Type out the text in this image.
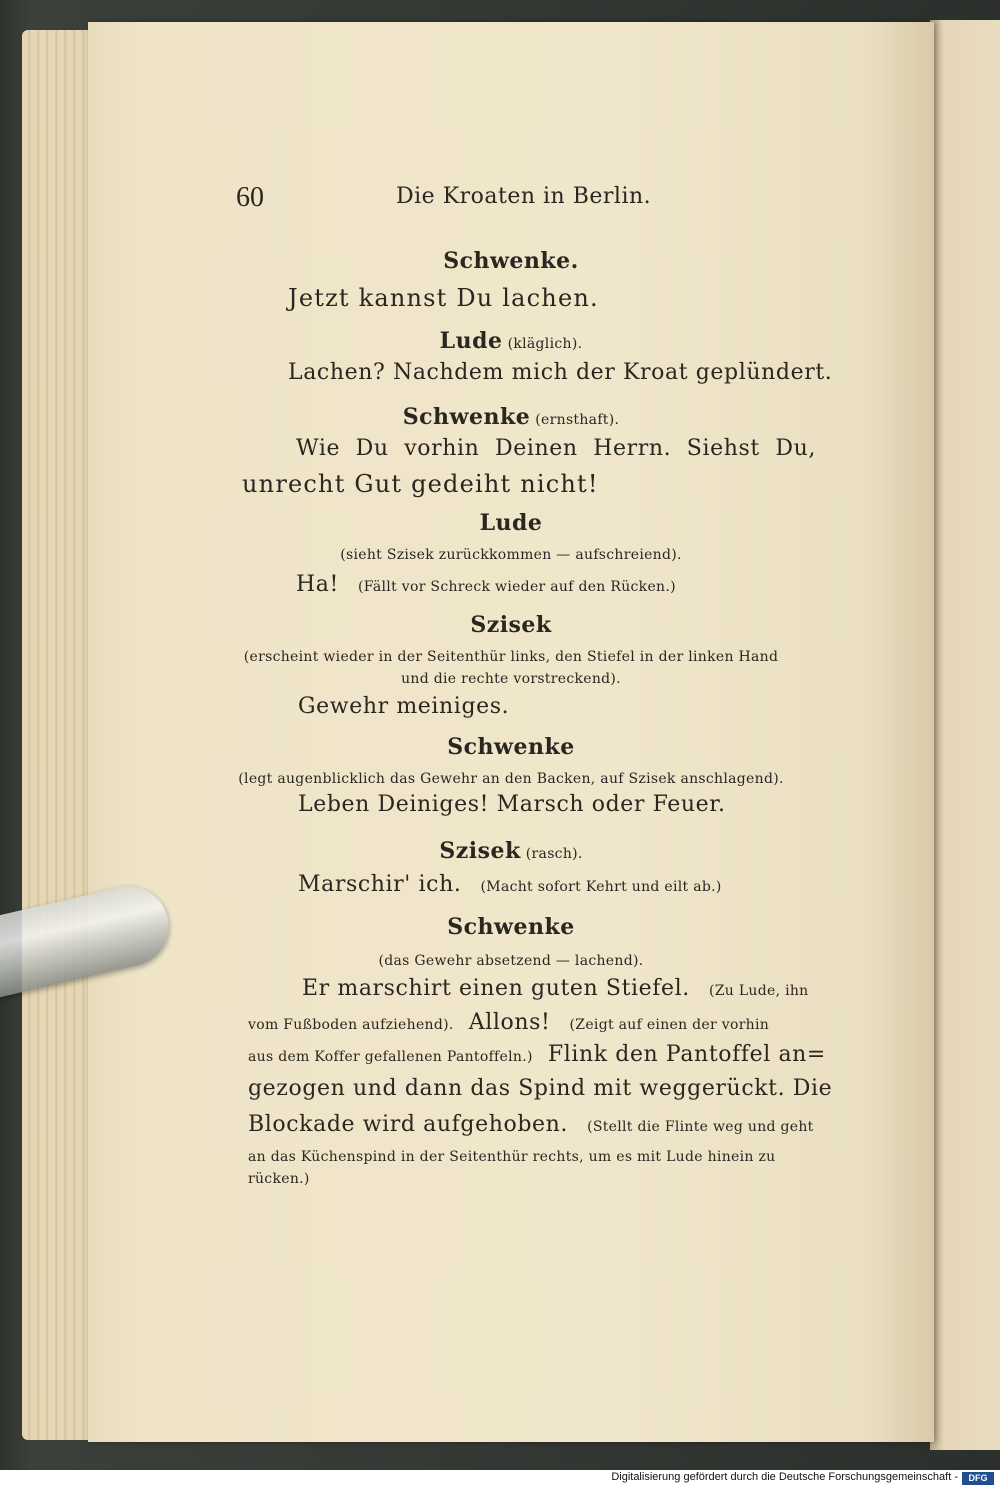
60	Die Kroaten in Berlin.
Schwenke.
Jetzt kannst Du lachen.
Lude (kläglich).
Lachen? Nachdem mich der Kroat geplündert.
Schwenke (ernsthaft).
Wie Du vorhin Deinen Herrn. Siehst Du,
unrecht Gut gedeiht nicht!
Lude
(sieht Szisek zurückkommen — aufschreiend).
Ha! (Fällt vor Schreck wieder auf den Rücken.)
Szisek
(erscheint wieder in der Seitenthür links, den Stiefel in der linken Hand
und die rechte vorstreckend).
Gewehr meiniges.
Schwenke
(legt augenblicklich das Gewehr an den Backen, auf Szisek anschlagend).
Leben Deiniges! Marsch oder Feuer.
Szisek (rasch).
Marschir' ich. (Macht sofort Kehrt und eilt ab.)
Schwenke
(das Gewehr absetzend — lachend).
Er marschirt einen guten Stiefel. (Zu Lude, ihn
vom Fußboden aufziehend). Allons! (Zeigt auf einen der vorhin
aus dem Koffer gefallenen Pantoffeln.) Flink den Pantoffel an=
gezogen und dann das Spind mit weggerückt. Die
Blockade wird aufgehoben. (Stellt die Flinte weg und geht
an das Küchenspind in der Seitenthür rechts, um es mit Lude hinein zu
rücken.)
Digitalisierung gefördert durch die Deutsche Forschungsgemeinschaft -	DFG
